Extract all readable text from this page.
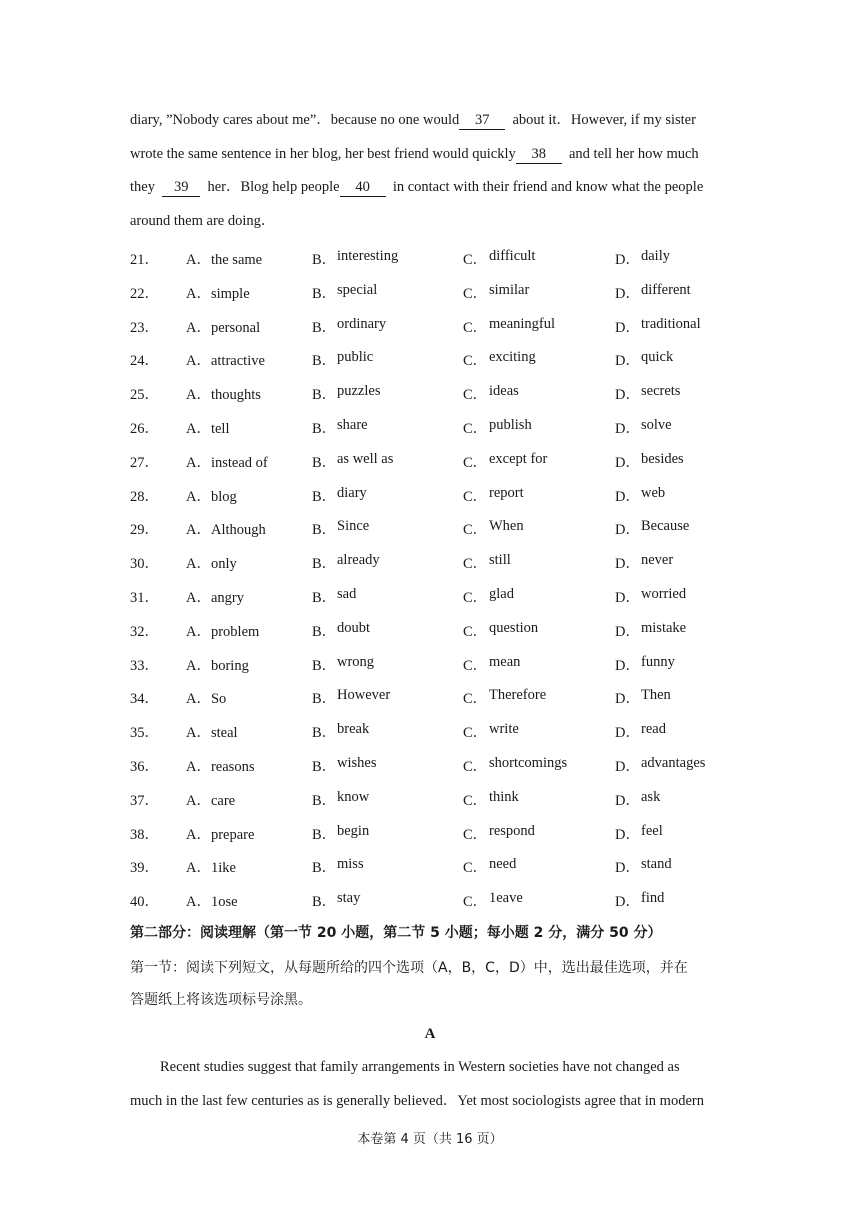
diary, ”Nobody cares about me”．because no one would 37 about it．However, if my sister
wrote the same sentence in her blog, her best friend would quickly 38 and tell her how much
they 39 her．Blog help people 40 in contact with their friend and know what the people
around them are doing．
21． A．the same	B． interesting	C． difficult	D． daily
22． A．simple	B． special	C． similar	D． different
23． A．personal	B． ordinary	C． meaningful	D． traditional
24． A．attractive	B． public	C． exciting	D． quick
25． A．thoughts	B． puzzles	C． ideas	D． secrets
26． A．tell	B． share	C． publish	D． solve
27． A．instead of	B． as well as	C． except for	D． besides
28． A．blog	B． diary	C． report	D． web
29． A．Although	B． Since	C． When	D． Because
30． A．only	B． already	C． still	D． never
31． A．angry	B． sad	C． glad	D． worried
32． A．problem	B． doubt	C． question	D． mistake
33． A．boring	B． wrong	C． mean	D． funny
34． A．So	B． However	C． Therefore	D． Then
35． A．steal	B． break	C． write	D． read
36． A．reasons	B． wishes	C． shortcomings	D． advantages
37． A．care	B． know	C． think	D． ask
38． A．prepare	B． begin	C． respond	D． feel
39． A．1ike	B． miss	C． need	D． stand
40． A．1ose	B． stay	C． 1eave	D． find
第二部分：阅读理解（第一节 20 小题，第二节 5 小题；每小题 2 分，满分 50 分）
第一节：阅读下列短文，从每题所给的四个选项（A，B，C，D）中，选出最佳选项，并在
答题纸上将该选项标号涂黑。
A
Recent studies suggest that family arrangements in Western societies have not changed as
much in the last few centuries as is generally believed．Yet most sociologists agree that in modern
本卷第 4 页（共 16 页）
